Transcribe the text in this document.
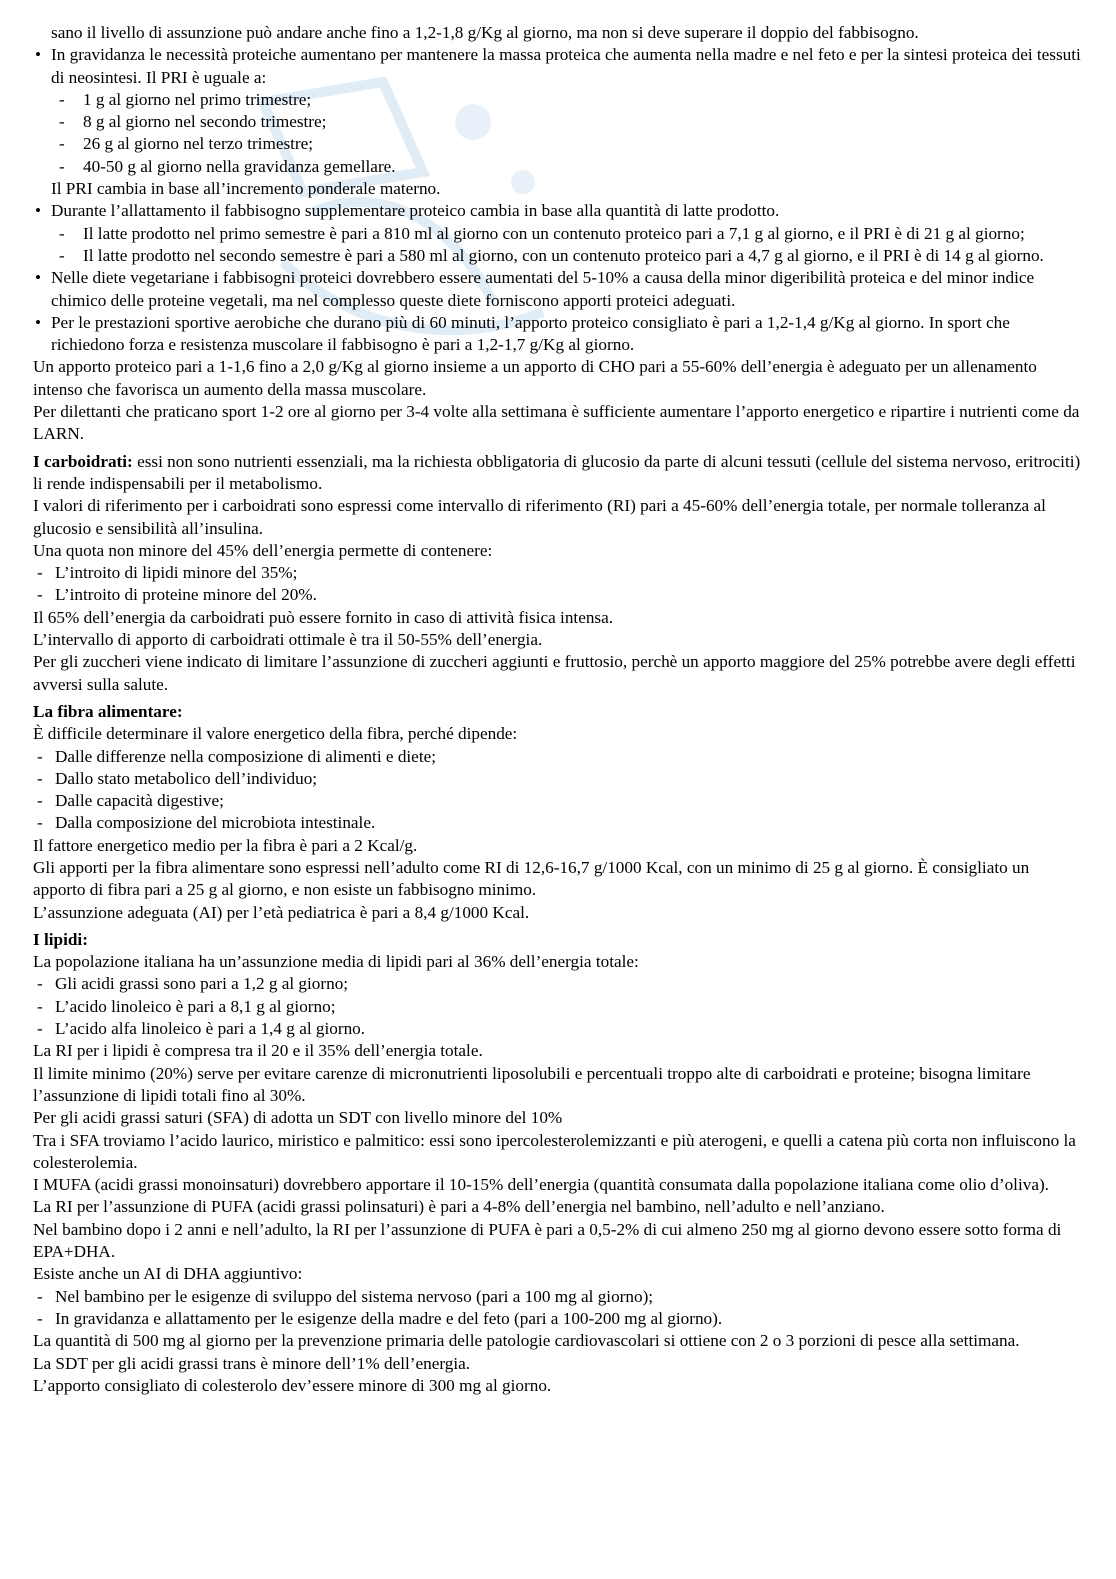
sano il livello di assunzione può andare anche fino a 1,2-1,8 g/Kg al giorno, ma non si deve superare il doppio del fabbisogno.

• In gravidanza le necessità proteiche aumentano per mantenere la massa proteica che aumenta nella madre e nel feto e per la sintesi proteica dei tessuti di neosintesi. Il PRI è uguale a:
- 1 g al giorno nel primo trimestre;
- 8 g al giorno nel secondo trimestre;
- 26 g al giorno nel terzo trimestre;
- 40-50 g al giorno nella gravidanza gemellare.

Il PRI cambia in base all’incremento ponderale materno.

• Durante l’allattamento il fabbisogno supplementare proteico cambia in base alla quantità di latte prodotto.
- Il latte prodotto nel primo semestre è pari a 810 ml al giorno con un contenuto proteico pari a 7,1 g al giorno, e il PRI è di 21 g al giorno;
- Il latte prodotto nel secondo semestre è pari a 580 ml al giorno, con un contenuto proteico pari a 4,7 g al giorno, e il PRI è di 14 g al giorno.
• Nelle diete vegetariane i fabbisogni proteici dovrebbero essere aumentati del 5-10% a causa della minor digeribilità proteica e del minor indice chimico delle proteine vegetali, ma nel complesso queste diete forniscono apporti proteici adeguati.
• Per le prestazioni sportive aerobiche che durano più di 60 minuti, l’apporto proteico consigliato è pari a 1,2-1,4 g/Kg al giorno. In sport che richiedono forza e resistenza muscolare il fabbisogno è pari a 1,2-1,7 g/Kg al giorno.

Un apporto proteico pari a 1-1,6 fino a 2,0 g/Kg al giorno insieme a un apporto di CHO pari a 55-60% dell’energia è adeguato per un allenamento intenso che favorisca un aumento della massa muscolare.

Per dilettanti che praticano sport 1-2 ore al giorno per 3-4 volte alla settimana è sufficiente aumentare l’apporto energetico e ripartire i nutrienti come da LARN.

I carboidrati: essi non sono nutrienti essenziali, ma la richiesta obbligatoria di glucosio da parte di alcuni tessuti (cellule del sistema nervoso, eritrociti) li rende indispensabili per il metabolismo.

I valori di riferimento per i carboidrati sono espressi come intervallo di riferimento (RI) pari a 45-60% dell’energia totale, per normale tolleranza al glucosio e sensibilità all’insulina.

Una quota non minore del 45% dell’energia permette di contenere:

- L’introito di lipidi minore del 35%;
- L’introito di proteine minore del 20%.

Il 65% dell’energia da carboidrati può essere fornito in caso di attività fisica intensa.

L’intervallo di apporto di carboidrati ottimale è tra il 50-55% dell’energia.

Per gli zuccheri viene indicato di limitare l’assunzione di zuccheri aggiunti e fruttosio, perchè un apporto maggiore del 25% potrebbe avere degli effetti avversi sulla salute.

La fibra alimentare:

È difficile determinare il valore energetico della fibra, perché dipende:

- Dalle differenze nella composizione di alimenti e diete;
- Dallo stato metabolico dell’individuo;
- Dalle capacità digestive;
- Dalla composizione del microbiota intestinale.

Il fattore energetico medio per la fibra è pari a 2 Kcal/g.

Gli apporti per la fibra alimentare sono espressi nell’adulto come RI di 12,6-16,7 g/1000 Kcal, con un minimo di 25 g al giorno. È consigliato un apporto di fibra pari a 25 g al giorno, e non esiste un fabbisogno minimo.

L’assunzione adeguata (AI) per l’età pediatrica è pari a 8,4 g/1000 Kcal.

I lipidi:

La popolazione italiana ha un’assunzione media di lipidi pari al 36% dell’energia totale:

- Gli acidi grassi sono pari a 1,2 g al giorno;
- L’acido linoleico è pari a 8,1 g al giorno;
- L’acido alfa linoleico è pari a 1,4 g al giorno.

La RI per i lipidi è compresa tra il 20 e il 35% dell’energia totale.

Il limite minimo (20%) serve per evitare carenze di micronutrienti liposolubili e percentuali troppo alte di carboidrati e proteine; bisogna limitare l’assunzione di lipidi totali fino al 30%.

Per gli acidi grassi saturi (SFA) di adotta un SDT con livello minore del 10%

Tra i SFA troviamo l’acido laurico, miristico e palmitico: essi sono ipercolesterolemizzanti e più aterogeni, e quelli a catena più corta non influiscono la colesterolemia.

I MUFA (acidi grassi monoinsaturi) dovrebbero apportare il 10-15% dell’energia (quantità consumata dalla popolazione italiana come olio d’oliva).

La RI per l’assunzione di PUFA (acidi grassi polinsaturi) è pari a 4-8% dell’energia nel bambino, nell’adulto e nell’anziano.

Nel bambino dopo i 2 anni e nell’adulto, la RI per l’assunzione di PUFA è pari a 0,5-2% di cui almeno 250 mg al giorno devono essere sotto forma di EPA+DHA.

Esiste anche un AI di DHA aggiuntivo:

- Nel bambino per le esigenze di sviluppo del sistema nervoso (pari a 100 mg al giorno);
- In gravidanza e allattamento per le esigenze della madre e del feto (pari a 100-200 mg al giorno).

La quantità di 500 mg al giorno per la prevenzione primaria delle patologie cardiovascolari si ottiene con 2 o 3 porzioni di pesce alla settimana.

La SDT per gli acidi grassi trans è minore dell’1% dell’energia.

L’apporto consigliato di colesterolo dev’essere minore di 300 mg al giorno.
